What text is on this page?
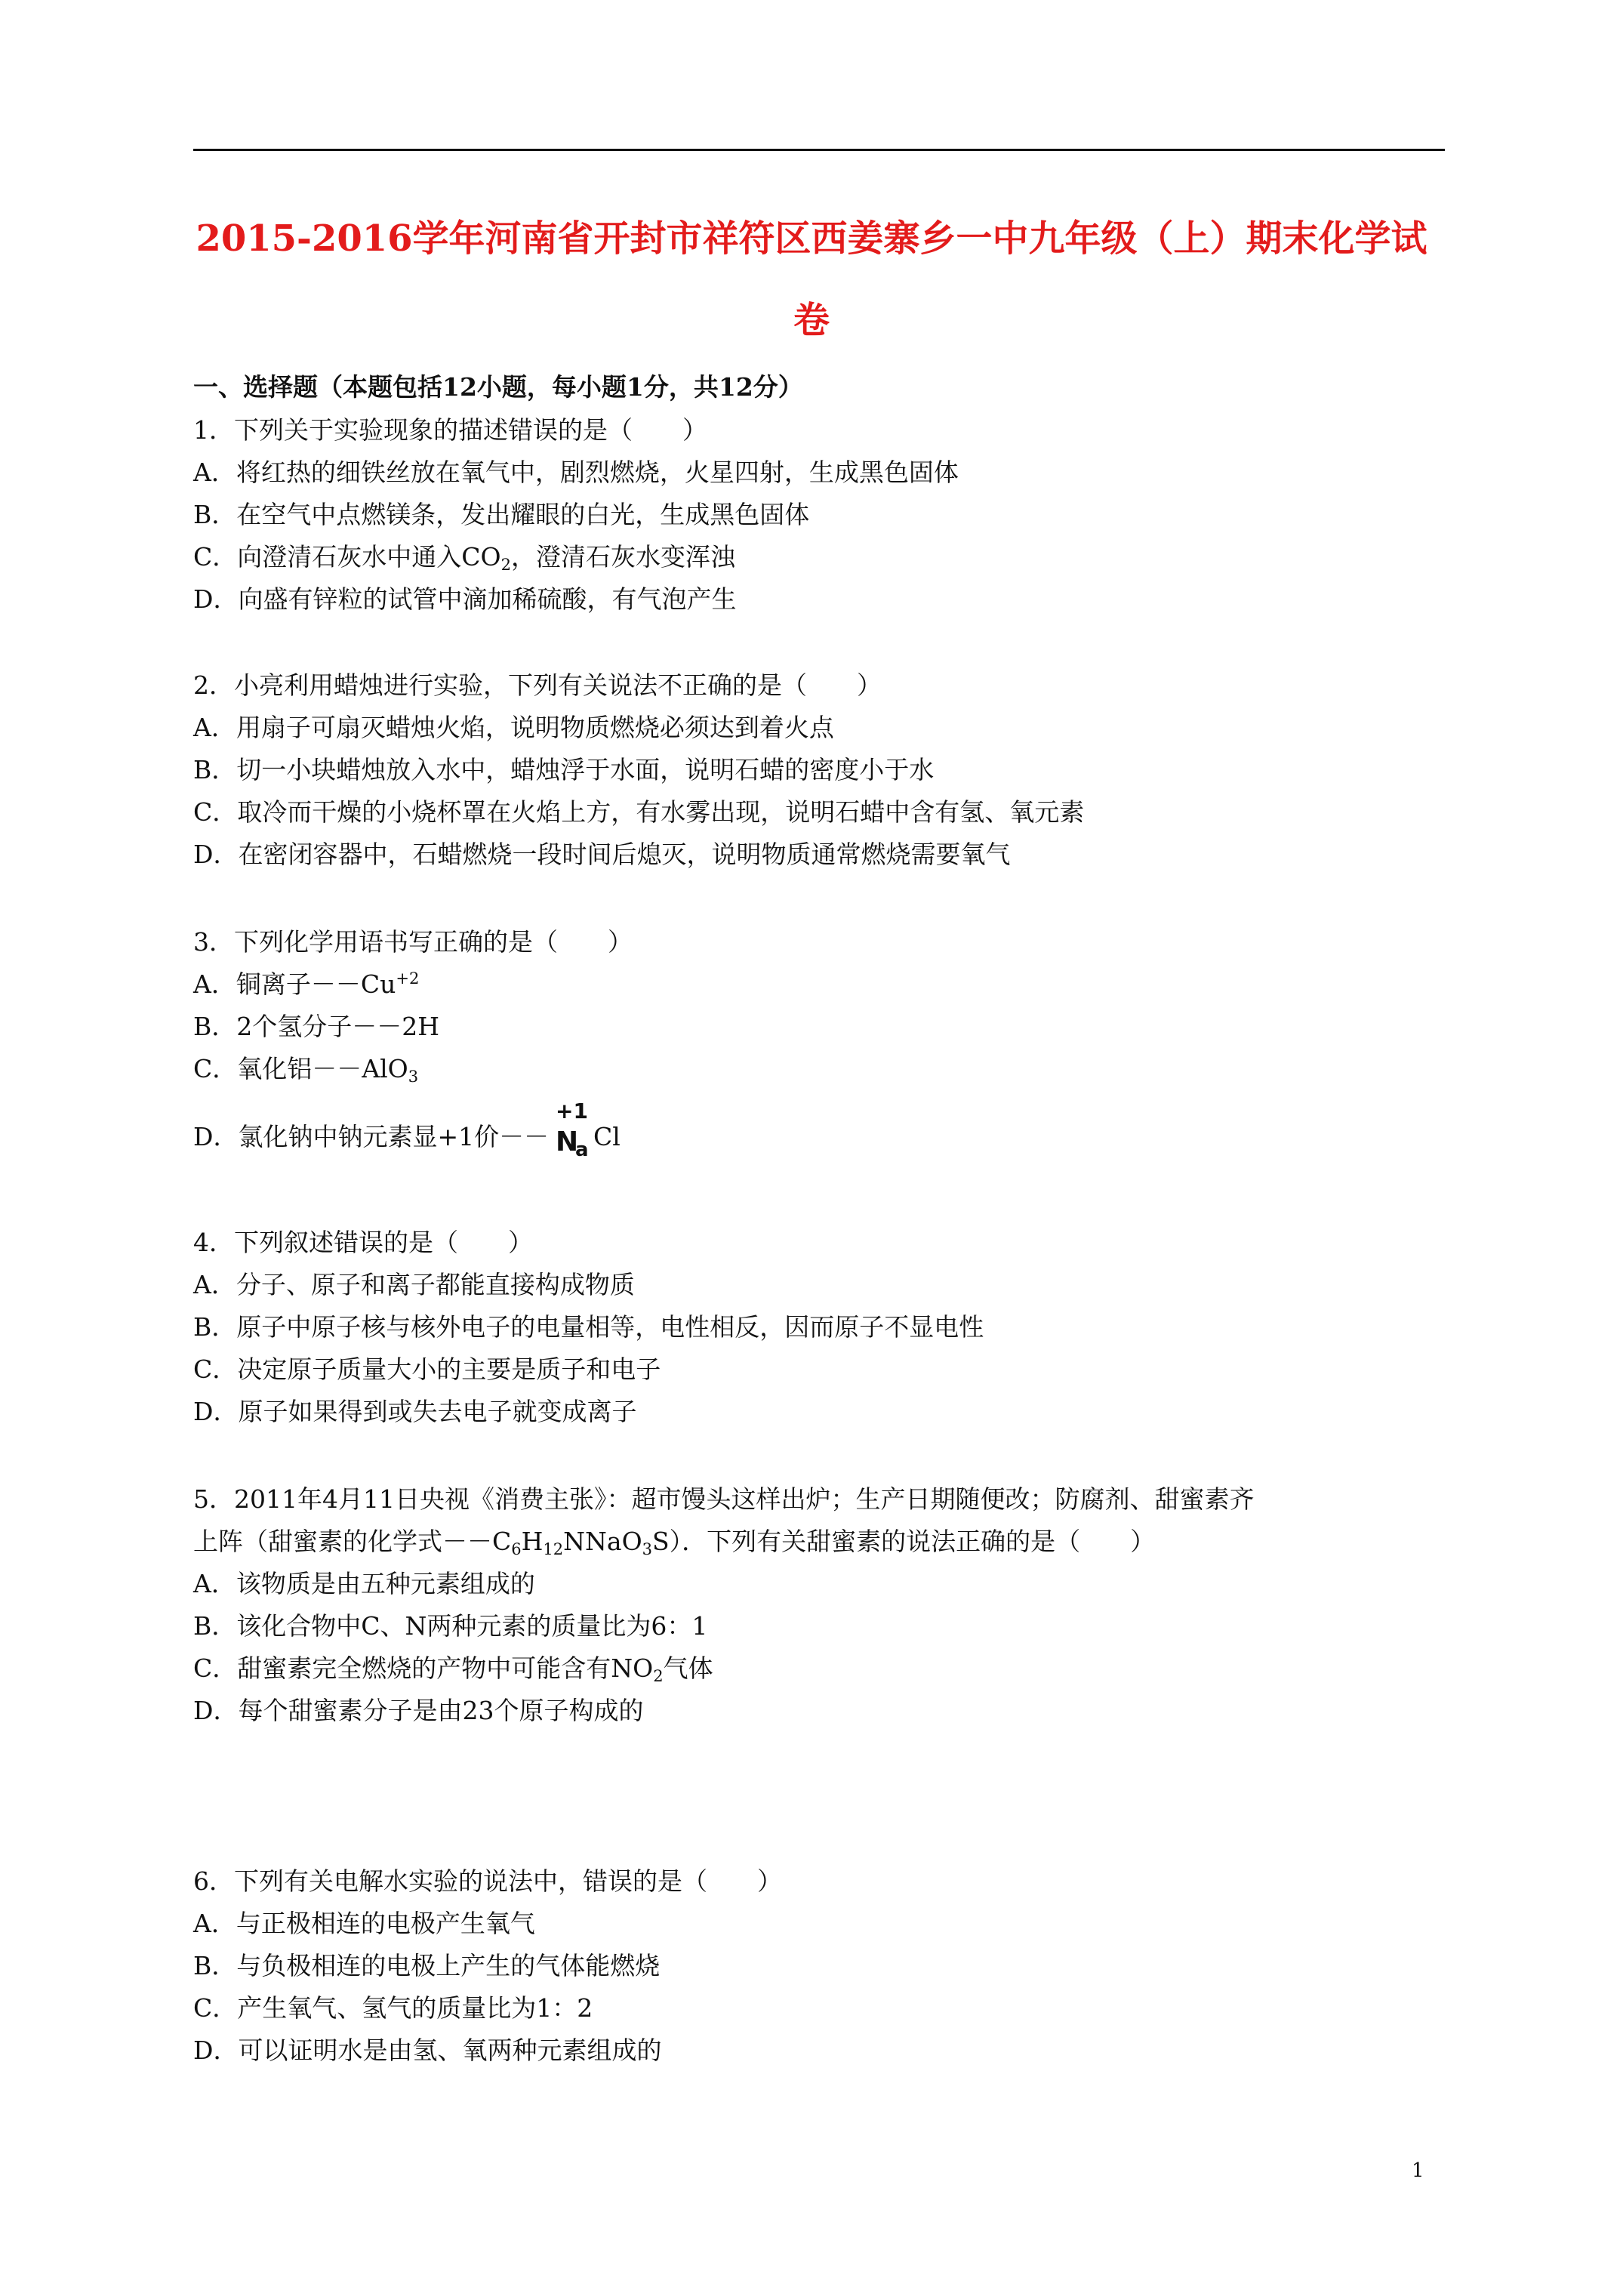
2015-2016学年河南省开封市祥符区西姜寨乡一中九年级（上）期末化学试
卷
一、选择题（本题包括12小题，每小题1分，共12分）
1．下列关于实验现象的描述错误的是（　　）
A．将红热的细铁丝放在氧气中，剧烈燃烧，火星四射，生成黑色固体
B．在空气中点燃镁条，发出耀眼的白光，生成黑色固体
C．向澄清石灰水中通入$CO_2$，澄清石灰水变浑浊
D．向盛有锌粒的试管中滴加稀硫酸，有气泡产生
2．小亮利用蜡烛进行实验，下列有关说法不正确的是（　　）
A．用扇子可扇灭蜡烛火焰，说明物质燃烧必须达到着火点
B．切一小块蜡烛放入水中，蜡烛浮于水面，说明石蜡的密度小于水
C．取冷而干燥的小烧杯罩在火焰上方，有水雾出现，说明石蜡中含有氢、氧元素
D．在密闭容器中，石蜡燃烧一段时间后熄灭，说明物质通常燃烧需要氧气
3．下列化学用语书写正确的是（　　）
A．铜离子$--Cu^{+2}$
B．2个氢分子－－2H
C．氧化铝－－AlO$_3$
D．氯化钠中钠元素显+1价－－
+1
N
a Cl
4．下列叙述错误的是（　　）
A．分子、原子和离子都能直接构成物质
B．原子中原子核与核外电子的电量相等，电性相反，因而原子不显电性
C．决定原子质量大小的主要是质子和电子
D．原子如果得到或失去电子就变成离子
5．2011年4月11日央视《消费主张》：超市馒头这样出炉；生产日期随便改；防腐剂、甜蜜素齐
上阵（甜蜜素的化学式$--C_6H_{12}NNaO_3S$）．下列有关甜蜜素的说法正确的是（　　）
A．该物质是由五种元素组成的
B．该化合物中C、N两种元素的质量比为6：1
C．甜蜜素完全燃烧的产物中可能含有$NO_2$气体
D．每个甜蜜素分子是由23个原子构成的
6．下列有关电解水实验的说法中，错误的是（　　）
A．与正极相连的电极产生氧气
B．与负极相连的电极上产生的气体能燃烧
C．产生氧气、氢气的质量比为1：2
D．可以证明水是由氢、氧两种元素组成的
1
